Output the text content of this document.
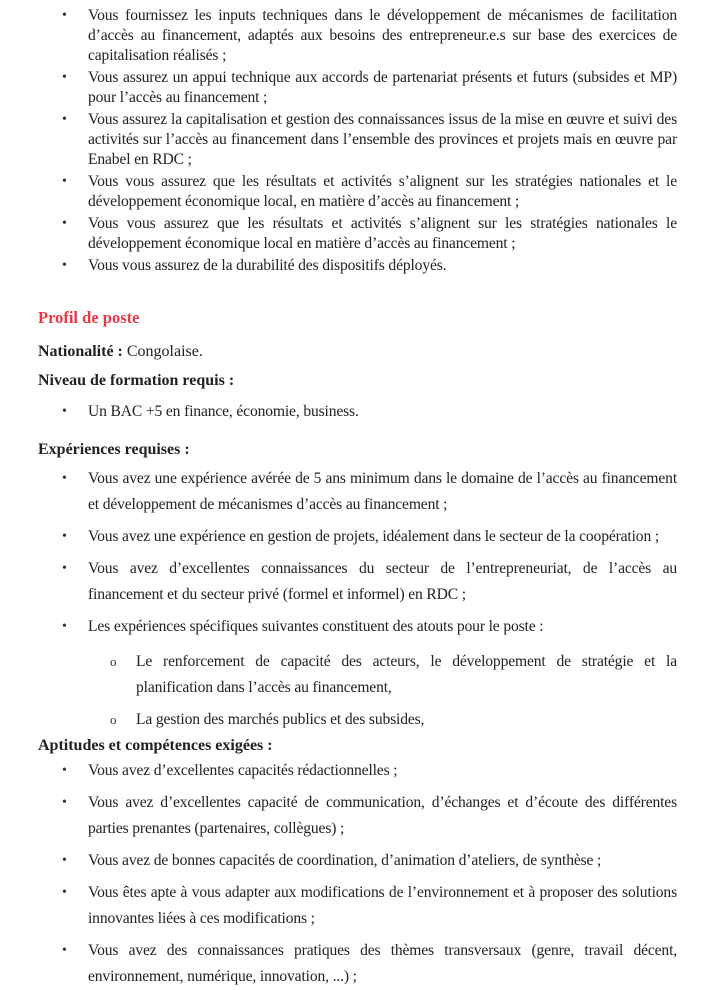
• Vous fournissez les inputs techniques dans le développement de mécanismes de facilitation d’accès au financement, adaptés aux besoins des entrepreneur.e.s sur base des exercices de capitalisation réalisés ;
• Vous assurez un appui technique aux accords de partenariat présents et futurs (subsides et MP) pour l’accès au financement ;
• Vous assurez la capitalisation et gestion des connaissances issus de la mise en œuvre et suivi des activités sur l’accès au financement dans l’ensemble des provinces et projets mais en œuvre par Enabel en RDC ;
• Vous vous assurez que les résultats et activités s’alignent sur les stratégies nationales et le développement économique local, en matière d’accès au financement ;
• Vous vous assurez que les résultats et activités s’alignent sur les stratégies nationales le développement économique local en matière d’accès au financement ;
• Vous vous assurez de la durabilité des dispositifs déployés.
Profil de poste
Nationalité : Congolaise.
Niveau de formation requis :
• Un BAC +5 en finance, économie, business.
Expériences requises :
• Vous avez une expérience avérée de 5 ans minimum dans le domaine de l’accès au financement et développement de mécanismes d’accès au financement ;
• Vous avez une expérience en gestion de projets, idéalement dans le secteur de la coopération ;
• Vous avez d’excellentes connaissances du secteur de l’entrepreneuriat, de l’accès au financement et du secteur privé (formel et informel) en RDC ;
• Les expériences spécifiques suivantes constituent des atouts pour le poste :
o Le renforcement de capacité des acteurs, le développement de stratégie et la planification dans l’accès au financement,
o La gestion des marchés publics et des subsides,
Aptitudes et compétences exigées :
• Vous avez d’excellentes capacités rédactionnelles ;
• Vous avez d’excellentes capacité de communication, d’échanges et d’écoute des différentes parties prenantes (partenaires, collègues) ;
• Vous avez de bonnes capacités de coordination, d’animation d’ateliers, de synthèse ;
• Vous êtes apte à vous adapter aux modifications de l’environnement et à proposer des solutions innovantes liées à ces modifications ;
• Vous avez des connaissances pratiques des thèmes transversaux (genre, travail décent, environnement, numérique, innovation, ...) ;
